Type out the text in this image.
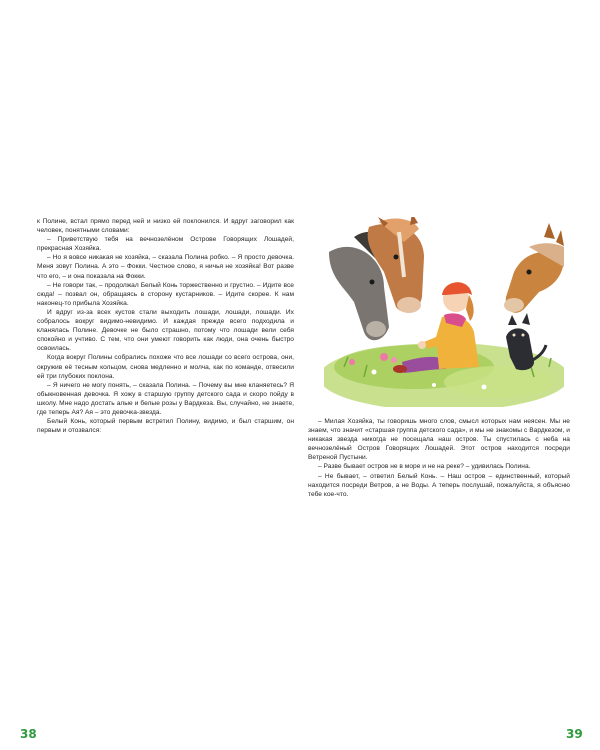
к Полине, встал прямо перед ней и низко ей поклонился. И вдруг заговорил как человек, понятными словами:

– Приветствую тебя на вечнозелёном Острове Говорящих Лошадей, прекрасная Хозяйка.

– Но я вовсе никакая не хозяйка, – сказала Полина робко. – Я просто девочка. Меня зовут Полина. А это – Фокки. Честное слово, я ничья не хозяйка! Вот разве что его, – и она показала на Фокки.

– Не говори так, – продолжал Белый Конь торжественно и грустно. – Идите все сюда! – позвал он, обращаясь в сторону кустарников. – Идите скорее. К нам наконец-то прибыла Хозяйка.

И вдруг из-за всех кустов стали выходить лошади, лошади, лошади. Их собралось вокруг видимо-невидимо. И каждая прежде всего подходила и кланялась Полине. Девочке не было страшно, потому что лошади вели себя спокойно и учтиво. С тем, что они умеют говорить как люди, она очень быстро освоилась.

Когда вокруг Полины собрались похоже что все лошади со всего острова, они, окружив её тесным кольцом, снова медленно и молча, как по команде, отвесили ей три глубоких поклона.

– Я ничего не могу понять, – сказала Полина. – Почему вы мне кланяетесь? Я обыкновенная девочка. Я хожу в старшую группу детского сада и скоро пойду в школу. Мне надо достать алые и белые розы у Вардкеза. Вы, случайно, не знаете, где теперь Ая? Ая – это девочка-звезда.

Белый Конь, который первым встретил Полину, видимо, и был старшим, он первым и отозвался:

– Милая Хозяйка, ты говоришь много слов, смысл которых нам неясен. Мы не знаем, что значит «старшая группа детского сада», и мы не знакомы с Вардкезом, и никакая звезда никогда не посещала наш остров. Ты спустилась с неба на вечнозелёный Остров Говорящих Лошадей. Этот остров находится посреди Ветреной Пустыни.

– Разве бывает остров не в море и не на реке? – удивилась Полина.

– Не бывает, – ответил Белый Конь. – Наш остров – единственный, который находится посреди Ветров, а не Воды. А теперь послушай, пожалуйста, я объясню тебе кое-что.

38	39
